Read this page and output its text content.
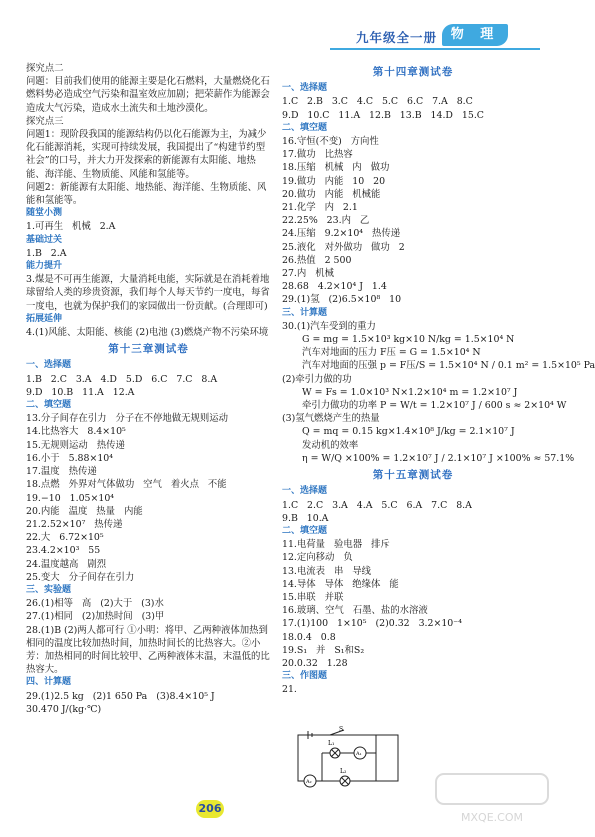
九年级全一册	物 理
探究点二
问题：目前我们使用的能源主要是化石燃料，大量燃烧化石燃料势必造成空气污染和温室效应加剧；把荣薪作为能源会造成大气污染，造成水土流失和土地沙漠化。
探究点三
问题1：现阶段我国的能源结构仍以化石能源为主，为减少化石能源消耗，实现可持续发展，我国提出了“构建节约型社会”的口号，并大力开发探索的新能源有太阳能、地热能、海洋能、生物质能、风能和氢能等。
问题2：新能源有太阳能、地热能、海洋能、生物质能、风能和氢能等。
随堂小测
1.可再生   机械   2.A
基础过关
1.B   2.A
能力提升
3.煤是不可再生能源，大量消耗电能，实际就是在消耗着地球留给人类的珍贵资源，我们每个人每天节约一度电，每省一度电，也就为保护我们的家园做出一份贡献。(合理即可)
拓展延伸
4.(1)风能、太阳能、核能 (2)电池 (3)燃烧产物不污染环境
第十三章测试卷
一、选择题
1.B   2.C   3.A   4.D   5.D   6.C   7.C   8.A
9.D   10.B   11.A   12.A
二、填空题
13.分子间存在引力   分子在不停地做无规则运动
14.比热容大   8.4×10⁵
15.无规则运动   热传递
16.小于   5.88×10⁴
17.温度   热传递
18.点燃   外界对气体做功   空气   着火点   不能
19.−10   1.05×10⁴
20.内能   温度   热量   内能
21.2.52×10⁷   热传递
22.大   6.72×10⁵
23.4.2×10³   55
24.温度越高   剧烈
25.变大   分子间存在引力
三、实验题
26.(1)相等   高   (2)大于   (3)水
27.(1)相同   (2)加热时间   (3)甲
28.(1)B (2)两人都可行 ①小明：将甲、乙两种液体加热到相同的温度比较加热时间，加热时间长的比热容大。②小芳：加热相同的时间比较甲、乙两种液体末温，末温低的比热容大。
四、计算题
29.(1)2.5 kg   (2)1 650 Pa   (3)8.4×10⁵ J
30.470 J/(kg·℃)
第十四章测试卷
一、选择题
1.C   2.B   3.C   4.C   5.C   6.C   7.A   8.C
9.D   10.C   11.A   12.B   13.B   14.D   15.C
二、填空题
16.守恒(不变)   方向性
17.做功   比热容
18.压缩   机械   内   做功
19.做功   内能   10   20
20.做功   内能   机械能
21.化学   内   2.1
22.25%   23.内   乙
24.压缩   9.2×10⁴   热传递
25.液化   对外做功   做功   2
26.热值   2 500
27.内   机械
28.68   4.2×10⁴ J   1.4
29.(1)氢   (2)6.5×10⁸   10
三、计算题
30.(1)汽车受到的重力
G = mg = 1.5×10³ kg×10 N/kg = 1.5×10⁴ N
汽车对地面的压力 F压 = G = 1.5×10⁴ N
汽车对地面的压强 p = F压/S = 1.5×10⁴ N / 0.1 m² = 1.5×10⁵ Pa
(2)牵引力做的功
W = Fs = 1.0×10³ N×1.2×10⁴ m = 1.2×10⁷ J
牵引力做功的功率 P = W/t = 1.2×10⁷ J / 600 s ≈ 2×10⁴ W
(3)氢气燃烧产生的热量
Q = mq = 0.15 kg×1.4×10⁸ J/kg = 2.1×10⁷ J
发动机的效率
η = W/Q ×100% = 1.2×10⁷ J / 2.1×10⁷ J ×100% ≈ 57.1%
第十五章测试卷
一、选择题
1.C   2.C   3.A   4.A   5.C   6.A   7.C   8.A
9.B   10.A
二、填空题
11.电荷量   验电器   排斥
12.定向移动   负
13.电流表   串   导线
14.导体   导体   绝缘体   能
15.串联   并联
16.玻璃、空气   石墨、盐的水溶液
17.(1)100   1×10⁵   (2)0.32   3.2×10⁻⁴
18.0.4   0.8
19.S₁   并   S₁和S₂
20.0.32   1.28
三、作图题
21.
S
L₁
A₁
A₂
L₂
206
MXQE.COM
